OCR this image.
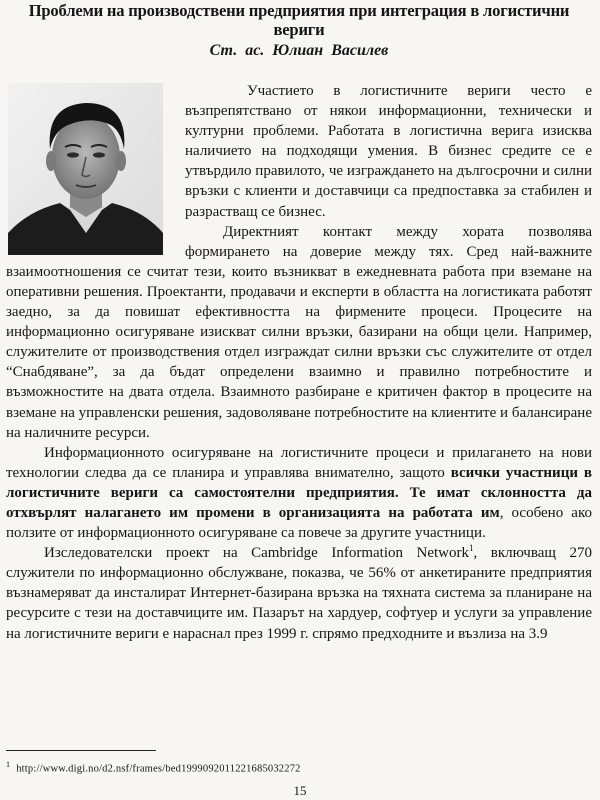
Проблеми на производствени предприятия при интеграция в логистични вериги
Ст. ас. Юлиан Василев

Участието в логистичните вериги често е възпрепятствано от някои информационни, технически и културни проблеми. Работата в логистична верига изисква наличието на подходящи умения. В бизнес средите се е утвърдило правилото, че изграждането на дългосрочни и силни връзки с клиенти и доставчици са предпоставка за стабилен и разрастващ се бизнес.

Директният контакт между хората позволява формирането на доверие между тях. Сред най-важните взаимоотношения се считат тези, които възникват в ежедневната работа при вземане на оперативни решения. Проектанти, продавачи и експерти в областта на логистиката работят заедно, за да повишат ефективността на фирмените процеси. Процесите на информационно осигуряване изискват силни връзки, базирани на общи цели. Например, служителите от производствения отдел изграждат силни връзки със служителите от отдел “Снабдяване”, за да бъдат определени взаимно и правилно потребностите и възможностите на двата отдела. Взаимното разбиране е критичен фактор в процесите на вземане на управленски решения, задоволяване потребностите на клиентите и балансиране на наличните ресурси.

Информационното осигуряване на логистичните процеси и прилагането на нови технологии следва да се планира и управлява внимателно, защото всички участници в логистичните вериги са самостоятелни предприятия. Те имат склонността да отхвърлят налагането им промени в организацията на работата им, особено ако ползите от информационното осигуряване са повече за другите участници.

Изследователски проект на Cambridge Information Network$^1$, включващ 270 служители по информационно обслужване, показва, че 56% от анкетираните предприятия възнамеряват да инсталират Интернет-базирана връзка на тяхната система за планиране на ресурсите с тези на доставчиците им. Пазарът на хардуер, софтуер и услуги за управление на логистичните вериги е нараснал през 1999 г. спрямо предходните и възлиза на 3.9

$^1$ http://www.digi.no/d2.nsf/frames/bed1999092011221685032272
15
